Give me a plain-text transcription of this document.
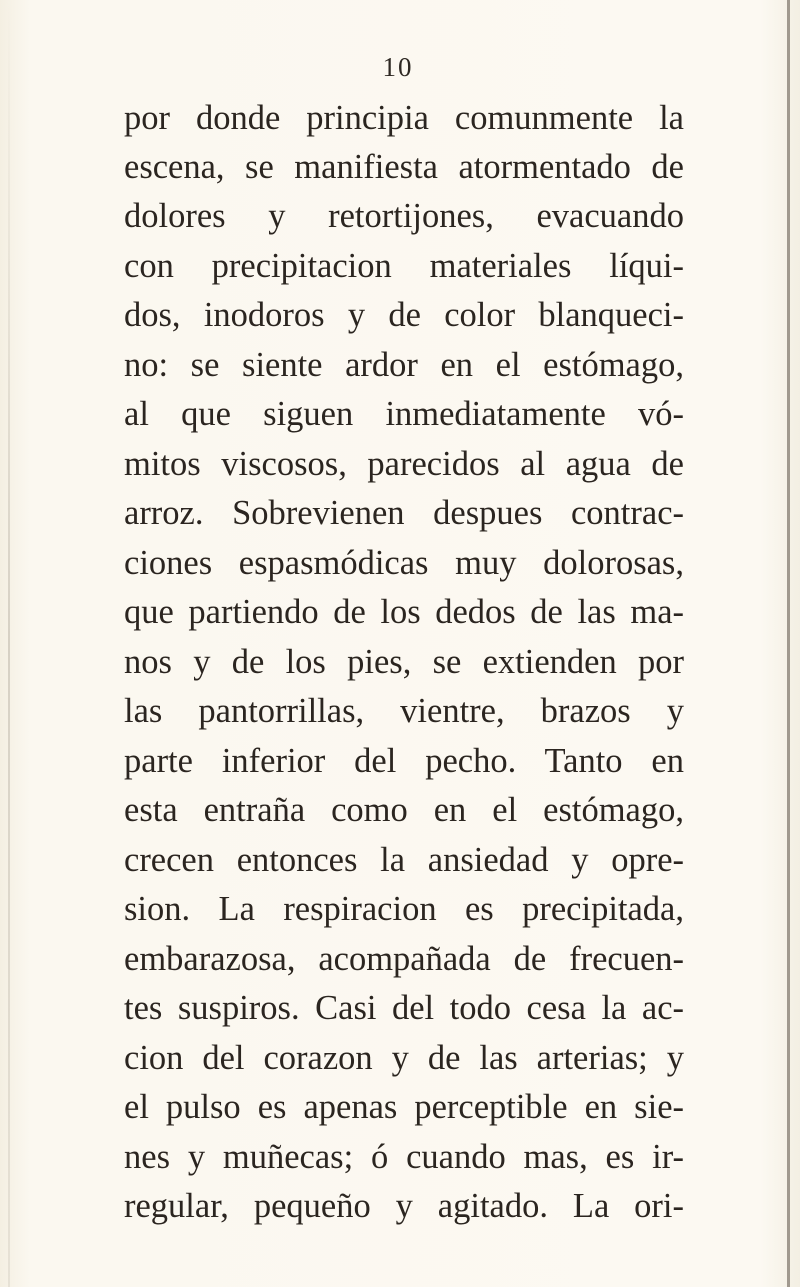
10
por donde principia comunmente la
escena, se manifiesta atormentado de
dolores y retortijones, evacuando
con precipitacion materiales líqui-
dos, inodoros y de color blanqueci-
no: se siente ardor en el estómago,
al que siguen inmediatamente vó-
mitos viscosos, parecidos al agua de
arroz. Sobrevienen despues contrac-
ciones espasmódicas muy dolorosas,
que partiendo de los dedos de las ma-
nos y de los pies, se extienden por
las pantorrillas, vientre, brazos y
parte inferior del pecho. Tanto en
esta entraña como en el estómago,
crecen entonces la ansiedad y opre-
sion. La respiracion es precipitada,
embarazosa, acompañada de frecuen-
tes suspiros. Casi del todo cesa la ac-
cion del corazon y de las arterias; y
el pulso es apenas perceptible en sie-
nes y muñecas; ó cuando mas, es ir-
regular, pequeño y agitado. La ori-
